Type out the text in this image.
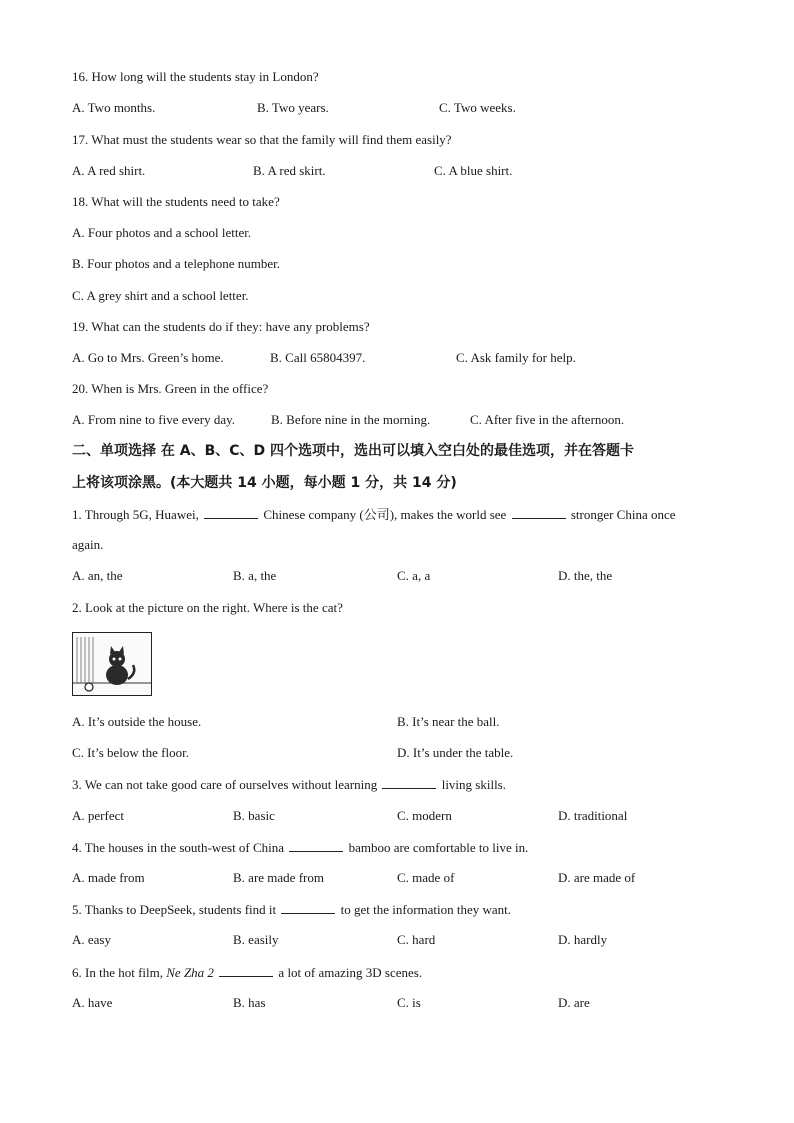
16. How long will the students stay in London?
A. Two months.	B. Two years.	C. Two weeks.
17. What must the students wear so that the family will find them easily?
A. A red shirt.	B. A red skirt.	C. A blue shirt.
18. What will the students need to take?
A. Four photos and a school letter.
B. Four photos and a telephone number.
C. A grey shirt and a school letter.
19. What can the students do if they: have any problems?
A. Go to Mrs. Green’s home.	B. Call 65804397.	C. Ask family for help.
20. When is Mrs. Green in the office?
A. From nine to five every day.	B. Before nine in the morning.	C. After five in the afternoon.
二、单项选择 在 A、B、C、D 四个选项中，选出可以填入空白处的最佳选项，并在答题卡
上将该项涂黑。(本大题共 14 小题，每小题 1 分，共 14 分)
1. Through 5G, Huawei,	Chinese company (公司), makes the world see	stronger China once
again.
A. an, the	B. a, the	C. a, a	D. the, the
2. Look at the picture on the right. Where is the cat?
A. It’s outside the house.	B. It’s near the ball.
C. It’s below the floor.	D. It’s under the table.
3. We can not take good care of ourselves without learning	living skills.
A. perfect	B. basic	C. modern	D. traditional
4. The houses in the south-west of China	bamboo are comfortable to live in.
A. made from	B. are made from	C. made of	D. are made of
5. Thanks to DeepSeek, students find it	to get the information they want.
A. easy	B. easily	C. hard	D. hardly
6. In the hot film, Ne Zha 2	a lot of amazing 3D scenes.
A. have	B. has	C. is	D. are
